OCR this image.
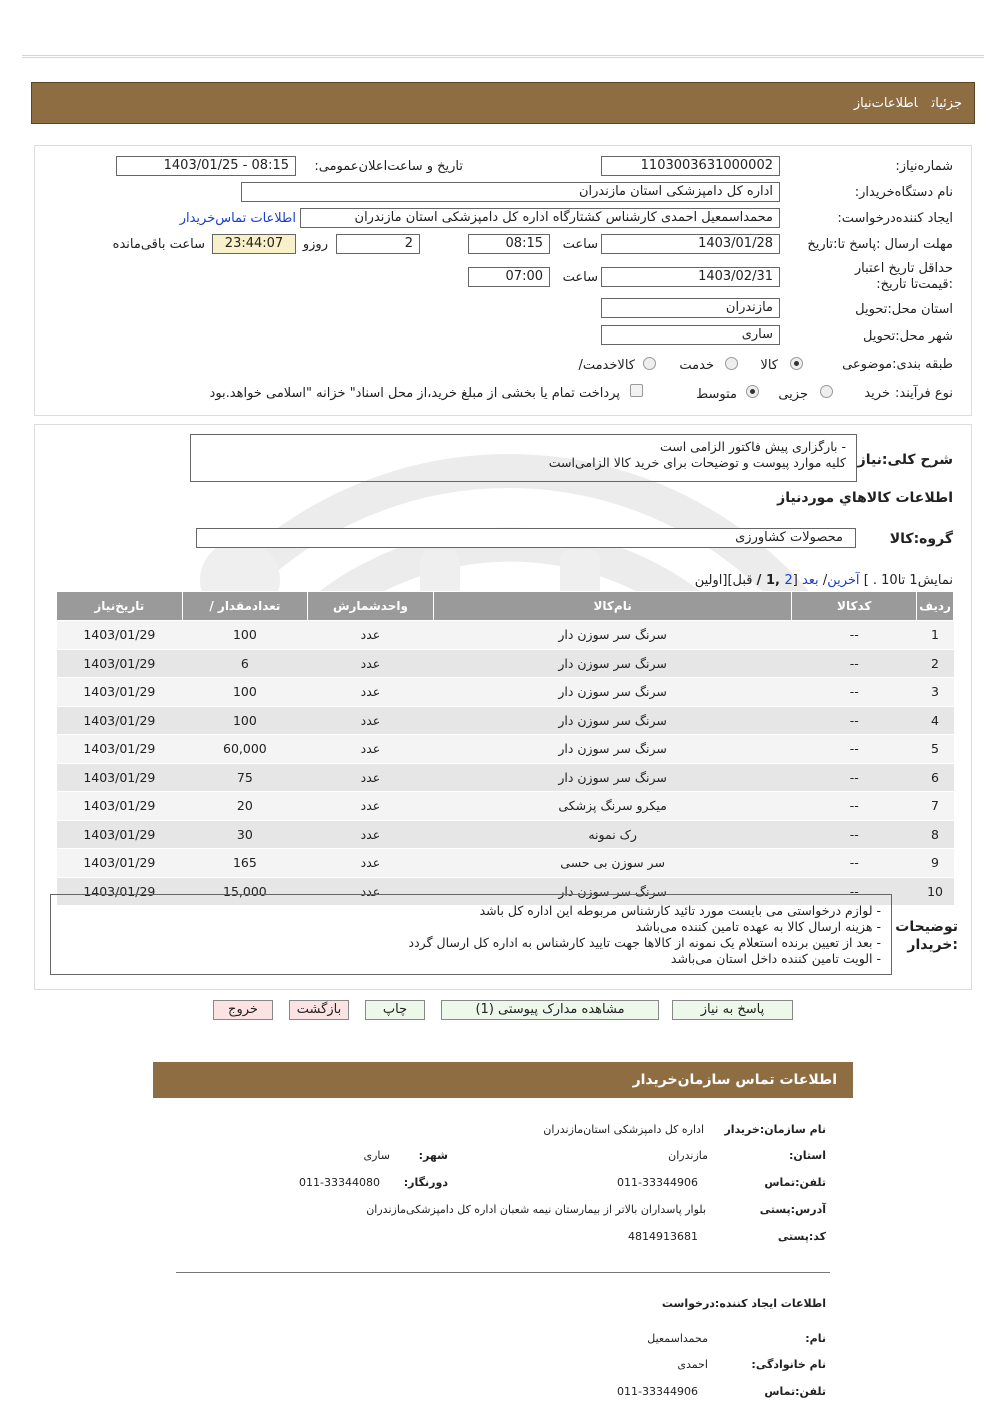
جزئیاتاطلاعات‌نیاز
شماره‌نیاز:
1103003631000002
تاریخ و ساعت‌اعلان‌عمومی:
1403/01/25 - 08:15
نام دستگاه‌خریدار:
اداره کل دامپزشکی استان مازندران
ایجاد کننده‌درخواست:
محمداسمعیل احمدی کارشناس کشتارگاه اداره کل دامپزشکی استان مازندران
اطلاعات تماس‌خریدار
مهلت ارسال :پاسخ تا:تاریخ
1403/01/28
ساعت
08:15
2
روزو
23:44:07
ساعت باقی‌مانده
حداقل تاریخ اعتبار :قیمت‌تا تاریخ:
1403/02/31
ساعت
07:00
استان محل:تحویل
مازندران
شهر محل:تحویل
ساری
طبقه بندی:موضوعی
کالا
خدمت
کالاخدمت/
نوع فرآیند:
خرید
جزیی
متوسط
پرداخت تمام یا بخشی از مبلغ خرید،از محل اسناد" خزانه "اسلامی خواهد.بود
شرح کلی:نیاز
- بارگزاری پیش فاکتور الزامی است
کلیه موارد پیوست و توضیحات برای خرید کالا الزامی‌است
اطلاعات کالاهاي موردنیاز
گروه:کالا
محصولات کشاورزی
نمایش1 تا10 . ] آخرین/ بعد [2 ,1 / قبل][اولین
ردیف	کدکالا	نام‌کالا	واحدشمارش	تعداد‌مقدار /	تاریخ‌نیاز
1	--	سرنگ سر سوزن دار	عدد	100	1403/01/29
2	--	سرنگ سر سوزن دار	عدد	6	1403/01/29
3	--	سرنگ سر سوزن دار	عدد	100	1403/01/29
4	--	سرنگ سر سوزن دار	عدد	100	1403/01/29
5	--	سرنگ سر سوزن دار	عدد	60,000	1403/01/29
6	--	سرنگ سر سوزن دار	عدد	75	1403/01/29
7	--	میکرو سرنگ پزشکی	عدد	20	1403/01/29
8	--	رک نمونه	عدد	30	1403/01/29
9	--	سر سوزن بی حسی	عدد	165	1403/01/29
10	--	سرنگ سر سوزن دار	عدد	15,000	1403/01/29
توضیحات :خریدار
- لوازم درخواستی می بایست مورد تائید کارشناس مربوطه این اداره کل باشد
- هزینه ارسال کالا به عهده تامین کننده می‌باشد
- بعد از تعیین برنده استعلام یک نمونه از کالاها جهت تایید کارشناس به اداره کل ارسال گردد
- الویت تامین کننده داخل استان می‌باشد
پاسخ به نیاز
مشاهده مدارک پیوستی (1)
چاپ
بازگشت
خروج
اطلاعات تماس سازمان‌خریدار
نام سازمان:خریدار
اداره کل دامپزشکی استان‌مازندران
استان:
مازندران
شهر:
ساری
تلفن:تماس
011-33344906
دورنگار:
011-33344080
آدرس:پستی
بلوار پاسداران بالاتر از بیمارستان نیمه شعبان اداره کل دامپزشکی‌مازندران
کد:پستی
4814913681
اطلاعات ایجاد کننده:درخواست
نام:
محمداسمعیل
نام خانوادگی:
احمدی
تلفن:تماس
011-33344906
